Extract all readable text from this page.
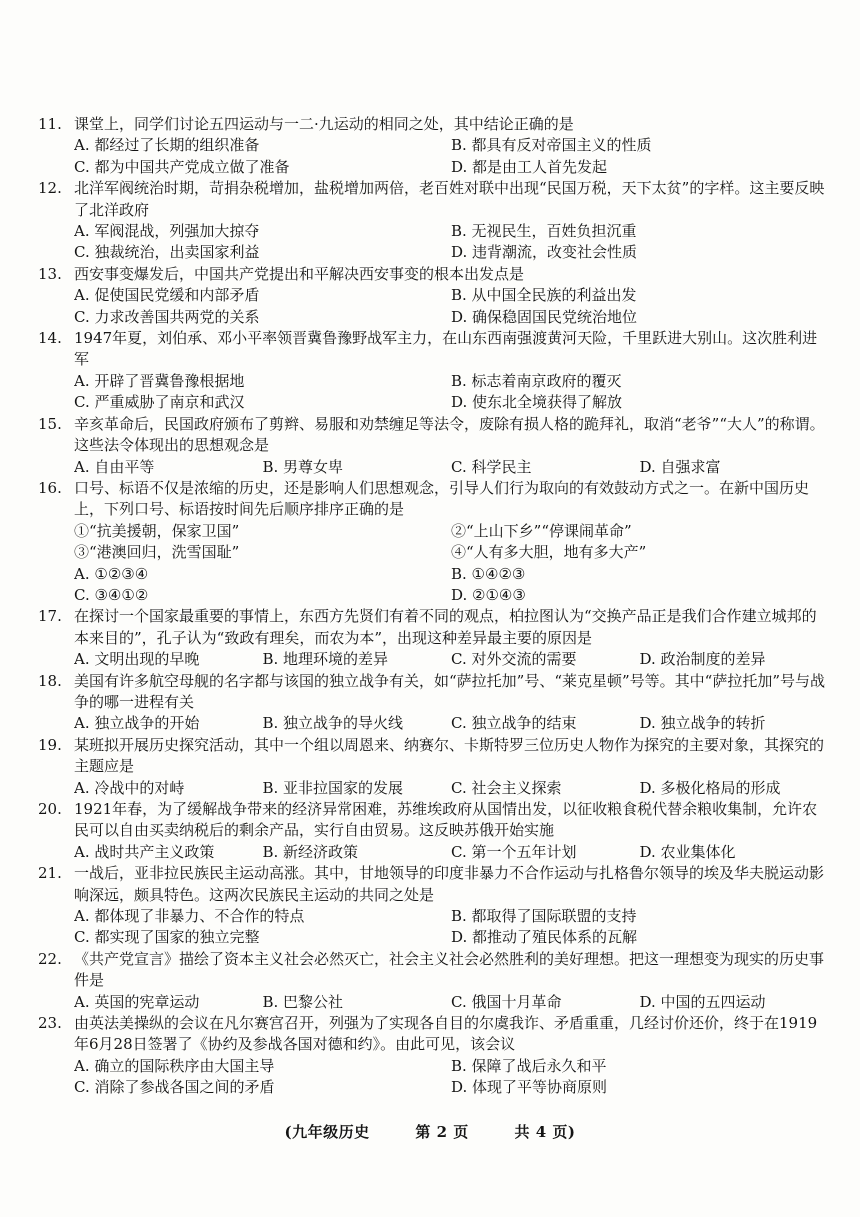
11. 课堂上，同学们讨论五四运动与一二·九运动的相同之处，其中结论正确的是
A. 都经过了长期的组织准备	B. 都具有反对帝国主义的性质
C. 都为中国共产党成立做了准备	D. 都是由工人首先发起
12. 北洋军阀统治时期，苛捐杂税增加，盐税增加两倍，老百姓对联中出现“民国万税，天下太贫”的字样。这主要反映了北洋政府
A. 军阀混战，列强加大掠夺	B. 无视民生，百姓负担沉重
C. 独裁统治，出卖国家利益	D. 违背潮流，改变社会性质
13. 西安事变爆发后，中国共产党提出和平解决西安事变的根本出发点是
A. 促使国民党缓和内部矛盾	B. 从中国全民族的利益出发
C. 力求改善国共两党的关系	D. 确保稳固国民党统治地位
14. 1947年夏，刘伯承、邓小平率领晋冀鲁豫野战军主力，在山东西南强渡黄河天险，千里跃进大别山。这次胜利进军
A. 开辟了晋冀鲁豫根据地	B. 标志着南京政府的覆灭
C. 严重威胁了南京和武汉	D. 使东北全境获得了解放
15. 辛亥革命后，民国政府颁布了剪辫、易服和劝禁缠足等法令，废除有损人格的跪拜礼，取消“老爷”“大人”的称谓。这些法令体现出的思想观念是
A. 自由平等	B. 男尊女卑	C. 科学民主	D. 自强求富
16. 口号、标语不仅是浓缩的历史，还是影响人们思想观念，引导人们行为取向的有效鼓动方式之一。在新中国历史上，下列口号、标语按时间先后顺序排序正确的是
①“抗美援朝，保家卫国”	②“上山下乡”“停课闹革命”
③“港澳回归，洗雪国耻”	④“人有多大胆，地有多大产”
A. ①②③④	B. ①④②③
C. ③④①②	D. ②①④③
17. 在探讨一个国家最重要的事情上，东西方先贤们有着不同的观点，柏拉图认为“交换产品正是我们合作建立城邦的本来目的”，孔子认为“致政有理矣，而农为本”，出现这种差异最主要的原因是
A. 文明出现的早晚	B. 地理环境的差异	C. 对外交流的需要	D. 政治制度的差异
18. 美国有许多航空母舰的名字都与该国的独立战争有关，如“萨拉托加”号、“莱克星顿”号等。其中“萨拉托加”号与战争的哪一进程有关
A. 独立战争的开始	B. 独立战争的导火线	C. 独立战争的结束	D. 独立战争的转折
19. 某班拟开展历史探究活动，其中一个组以周恩来、纳赛尔、卡斯特罗三位历史人物作为探究的主要对象，其探究的主题应是
A. 冷战中的对峙	B. 亚非拉国家的发展	C. 社会主义探索	D. 多极化格局的形成
20. 1921年春，为了缓解战争带来的经济异常困难，苏维埃政府从国情出发，以征收粮食税代替余粮收集制，允许农民可以自由买卖纳税后的剩余产品，实行自由贸易。这反映苏俄开始实施
A. 战时共产主义政策	B. 新经济政策	C. 第一个五年计划	D. 农业集体化
21. 一战后，亚非拉民族民主运动高涨。其中，甘地领导的印度非暴力不合作运动与扎格鲁尔领导的埃及华夫脱运动影响深远，颇具特色。这两次民族民主运动的共同之处是
A. 都体现了非暴力、不合作的特点	B. 都取得了国际联盟的支持
C. 都实现了国家的独立完整	D. 都推动了殖民体系的瓦解
22. 《共产党宣言》描绘了资本主义社会必然灭亡，社会主义社会必然胜利的美好理想。把这一理想变为现实的历史事件是
A. 英国的宪章运动	B. 巴黎公社	C. 俄国十月革命	D. 中国的五四运动
23. 由英法美操纵的会议在凡尔赛宫召开，列强为了实现各自目的尔虞我诈、矛盾重重，几经讨价还价，终于在1919年6月28日签署了《协约及参战各国对德和约》。由此可见，该会议
A. 确立的国际秩序由大国主导	B. 保障了战后永久和平
C. 消除了参战各国之间的矛盾	D. 体现了平等协商原则
(九年级历史	第 2 页	共 4 页)
